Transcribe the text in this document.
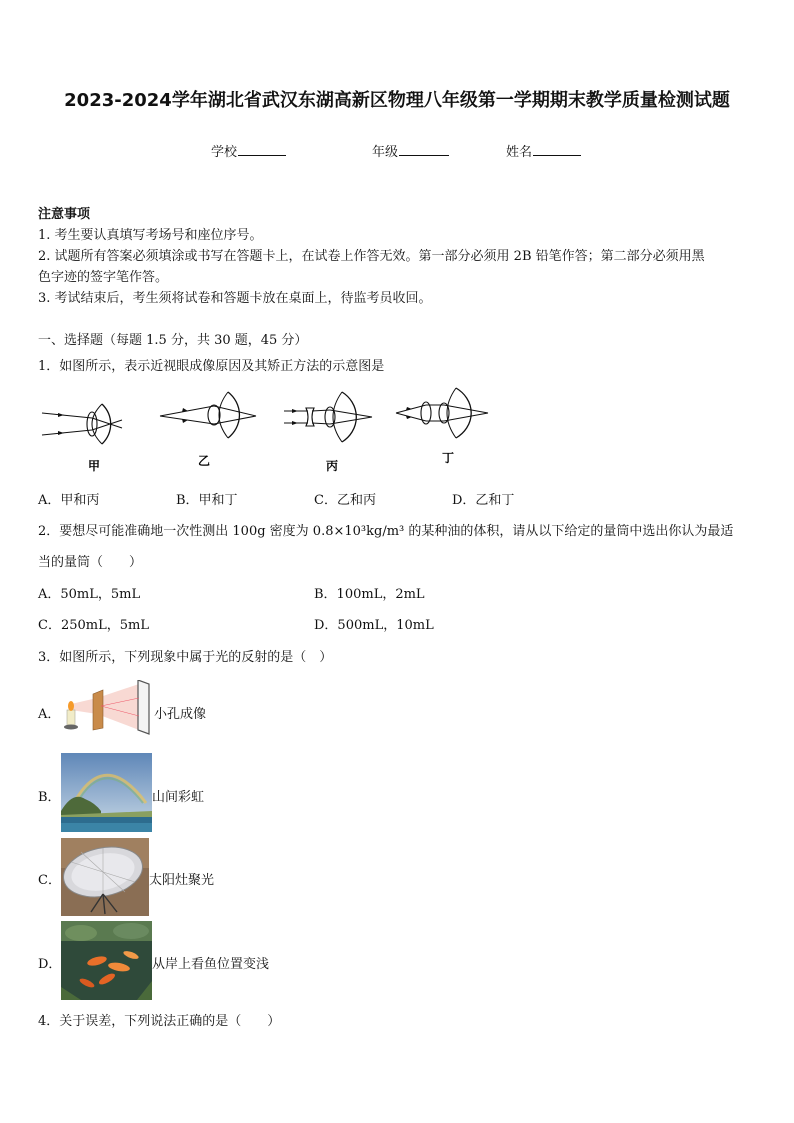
2023-2024学年湖北省武汉东湖高新区物理八年级第一学期期末教学质量检测试题
学校	年级	姓名
注意事项
1. 考生要认真填写考场号和座位序号。
2. 试题所有答案必须填涂或书写在答题卡上，在试卷上作答无效。第一部分必须用 2B 铅笔作答；第二部分必须用黑
色字迹的签字笔作答。
3. 考试结束后，考生须将试卷和答题卡放在桌面上，待监考员收回。
一、选择题（每题 1.5 分，共 30 题，45 分）
1．如图所示，表示近视眼成像原因及其矫正方法的示意图是
甲	乙	丙
丁
A．甲和丙	B．甲和丁	C．乙和丙	D．乙和丁
2．要想尽可能准确地一次性测出 100g 密度为 0.8×10³kg/m³ 的某种油的体积，请从以下给定的量筒中选出你认为最适
当的量筒（　　）
A．50mL，5mL	B．100mL，2mL
C．250mL，5mL	D．500mL，10mL
3．如图所示，下列现象中属于光的反射的是（　）
A．	小孔成像
B．	山间彩虹
C．	太阳灶聚光
D．	从岸上看鱼位置变浅
4．关于误差，下列说法正确的是（　　）
